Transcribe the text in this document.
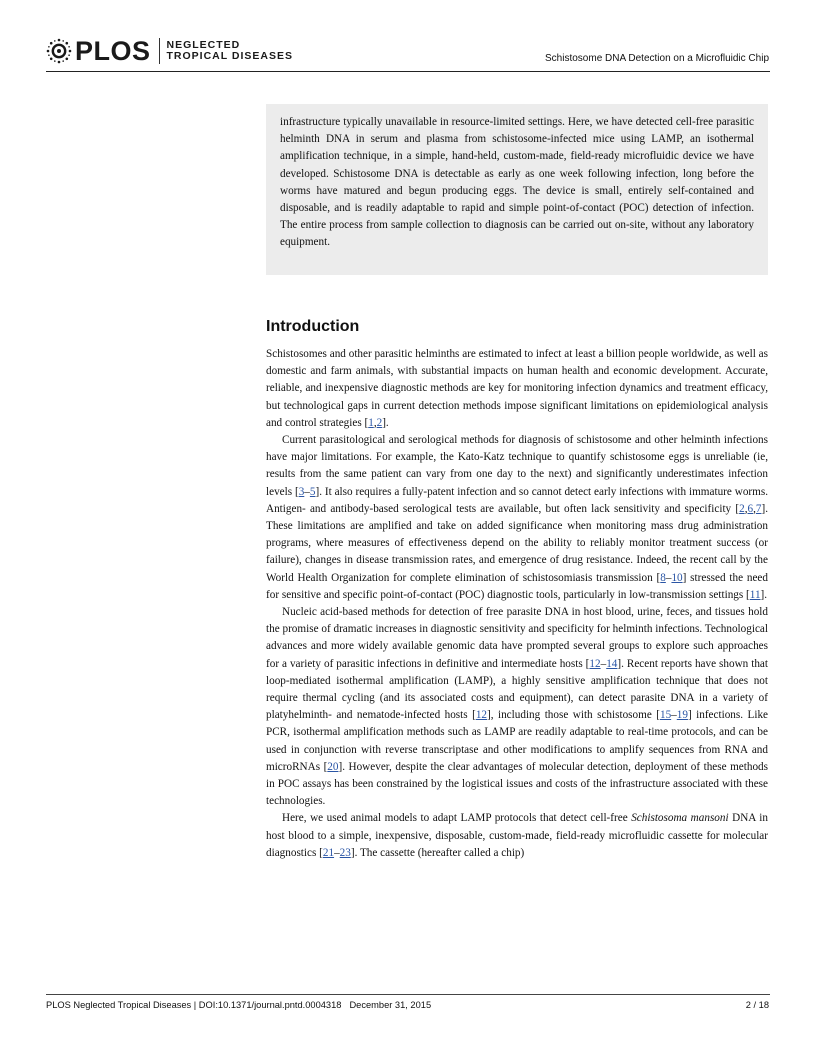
PLOS NEGLECTED
TROPICAL DISEASES	Schistosome DNA Detection on a Microfluidic Chip

infrastructure typically unavailable in resource-limited settings. Here, we have detected cell-free parasitic helminth DNA in serum and plasma from schistosome-infected mice using LAMP, an isothermal amplification technique, in a simple, hand-held, custom-made, field-ready microfluidic device we have developed. Schistosome DNA is detectable as early as one week following infection, long before the worms have matured and begun producing eggs. The device is small, entirely self-contained and disposable, and is readily adaptable to rapid and simple point-of-contact (POC) detection of infection. The entire process from sample collection to diagnosis can be carried out on-site, without any laboratory equipment.

Introduction

Schistosomes and other parasitic helminths are estimated to infect at least a billion people worldwide, as well as domestic and farm animals, with substantial impacts on human health and economic development. Accurate, reliable, and inexpensive diagnostic methods are key for monitoring infection dynamics and treatment efficacy, but technological gaps in current detection methods impose significant limitations on epidemiological analysis and control strategies [1,2].

Current parasitological and serological methods for diagnosis of schistosome and other helminth infections have major limitations. For example, the Kato-Katz technique to quantify schistosome eggs is unreliable (ie, results from the same patient can vary from one day to the next) and significantly underestimates infection levels [3–5]. It also requires a fully-patent infection and so cannot detect early infections with immature worms. Antigen- and antibody-based serological tests are available, but often lack sensitivity and specificity [2,6,7]. These limitations are amplified and take on added significance when monitoring mass drug administration programs, where measures of effectiveness depend on the ability to reliably monitor treatment success (or failure), changes in disease transmission rates, and emergence of drug resistance. Indeed, the recent call by the World Health Organization for complete elimination of schistosomiasis transmission [8–10] stressed the need for sensitive and specific point-of-contact (POC) diagnostic tools, particularly in low-transmission settings [11].

Nucleic acid-based methods for detection of free parasite DNA in host blood, urine, feces, and tissues hold the promise of dramatic increases in diagnostic sensitivity and specificity for helminth infections. Technological advances and more widely available genomic data have prompted several groups to explore such approaches for a variety of parasitic infections in definitive and intermediate hosts [12–14]. Recent reports have shown that loop-mediated isothermal amplification (LAMP), a highly sensitive amplification technique that does not require thermal cycling (and its associated costs and equipment), can detect parasite DNA in a variety of platyhelminth- and nematode-infected hosts [12], including those with schistosome [15–19] infections. Like PCR, isothermal amplification methods such as LAMP are readily adaptable to real-time protocols, and can be used in conjunction with reverse transcriptase and other modifications to amplify sequences from RNA and microRNAs [20]. However, despite the clear advantages of molecular detection, deployment of these methods in POC assays has been constrained by the logistical issues and costs of the infrastructure associated with these technologies.

Here, we used animal models to adapt LAMP protocols that detect cell-free Schistosoma mansoni DNA in host blood to a simple, inexpensive, disposable, custom-made, field-ready microfluidic cassette for molecular diagnostics [21–23]. The cassette (hereafter called a chip)

PLOS Neglected Tropical Diseases | DOI:10.1371/journal.pntd.0004318 December 31, 2015	2 / 18
